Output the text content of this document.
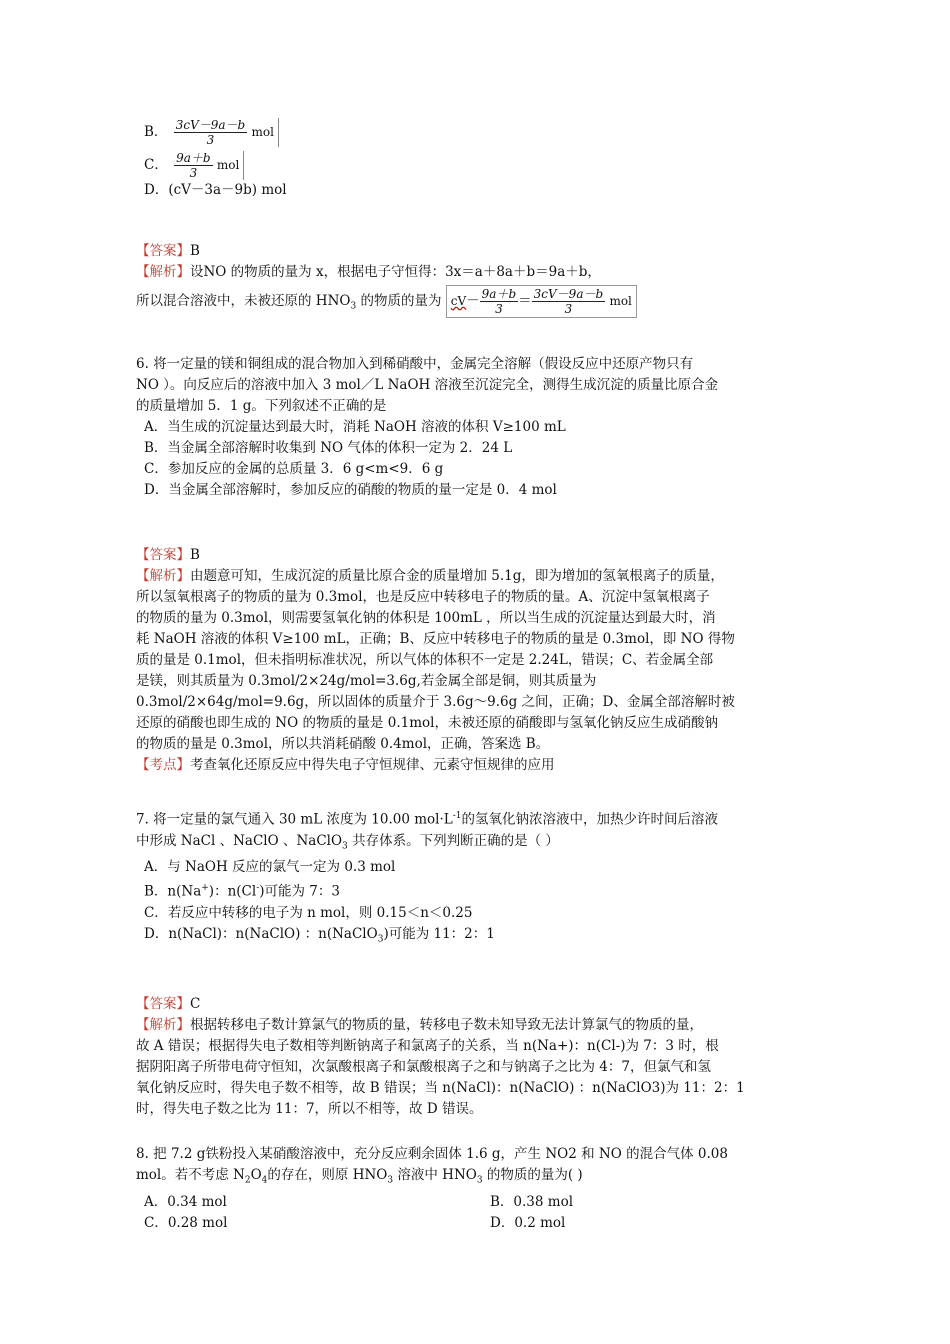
B． $\frac{3cV-9a-b}{3}$ mol
C． $\frac{9a+b}{3}$ mol
D．(cV－3a－9b) mol
【答案】B
【解析】设NO 的物质的量为 x，根据电子守恒得：3x＝a＋8a＋b＝9a＋b，
所以混合溶液中，未被还原的 $HNO_3$ 的物质的量为 $cV- \frac{9a+b}{3} = \frac{3cV-9a-b}{3}$ mol
6. 将一定量的镁和铜组成的混合物加入到稀硝酸中，金属完全溶解（假设反应中还原产物只有
NO ）。向反应后的溶液中加入 3 mol／L NaOH 溶液至沉淀完全，测得生成沉淀的质量比原合金
的质量增加 5．1 g。下列叙述不正确的是
A．当生成的沉淀量达到最大时，消耗 NaOH 溶液的体积 V≥100 mL
B．当金属全部溶解时收集到 NO 气体的体积一定为 2．24 L
C．参加反应的金属的总质量 3．6 g<m<9．6 g
D．当金属全部溶解时，参加反应的硝酸的物质的量一定是 0．4 mol
【答案】B
【解析】由题意可知，生成沉淀的质量比原合金的质量增加 5.1g，即为增加的氢氧根离子的质量，
所以氢氧根离子的物质的量为 0.3mol，也是反应中转移电子的物质的量。A、沉淀中氢氧根离子
的物质的量为 0.3mol，则需要氢氧化钠的体积是 100mL ，所以当生成的沉淀量达到最大时，消
耗 NaOH 溶液的体积 V≥100 mL，正确；B、反应中转移电子的物质的量是 0.3mol，即 NO 得物
质的量是 0.1mol，但未指明标准状况，所以气体的体积不一定是 2.24L，错误；C、若金属全部
是镁，则其质量为 0.3mol/2×24g/mol=3.6g,若金属全部是铜，则其质量为
0.3mol/2×64g/mol=9.6g，所以固体的质量介于 3.6g～9.6g 之间，正确；D、金属全部溶解时被
还原的硝酸也即生成的 NO 的物质的量是 0.1mol，未被还原的硝酸即与氢氧化钠反应生成硝酸钠
的物质的量是 0.3mol，所以共消耗硝酸 0.4mol，正确，答案选 B。
【考点】考查氧化还原反应中得失电子守恒规律、元素守恒规律的应用
7. 将一定量的氯气通入 30 mL 浓度为 10.00 $mol\cdot L^{-1}$的氢氧化钠浓溶液中，加热少许时间后溶液
中形成 NaCl 、NaClO 、NaClO$_3$ 共存体系。下列判断正确的是（ ）
A．与 NaOH 反应的氯气一定为 0.3 mol
B．n(Na+)：n(Cl-)可能为 7：3
C．若反应中转移的电子为 n mol，则 0.15＜n＜0.25
D．n(NaCl)：n(NaClO) ：n(NaClO$_3$)可能为 11：2：1
【答案】C
【解析】根据转移电子数计算氯气的物质的量，转移电子数未知导致无法计算氯气的物质的量，
故 A 错误；根据得失电子数相等判断钠离子和氯离子的关系，当 n(Na+)：n(Cl-)为 7：3 时，根
据阴阳离子所带电荷守恒知，次氯酸根离子和氯酸根离子之和与钠离子之比为 4：7，但氯气和氢
氧化钠反应时，得失电子数不相等，故 B 错误；当 n(NaCl)：n(NaClO) ：n(NaClO3)为 11：2：1
时，得失电子数之比为 11：7，所以不相等，故 D 错误。
8. 把 7.2 g铁粉投入某硝酸溶液中，充分反应剩余固体 1.6 g，产生 NO2 和 NO 的混合气体 0.08
mol。若不考虑 $N_2O_4$的存在，则原 $HNO_3$ 溶液中 $HNO_3$ 的物质的量为( )
A．0.34 mol	B．0.38 mol
C．0.28 mol	D．0.2 mol
